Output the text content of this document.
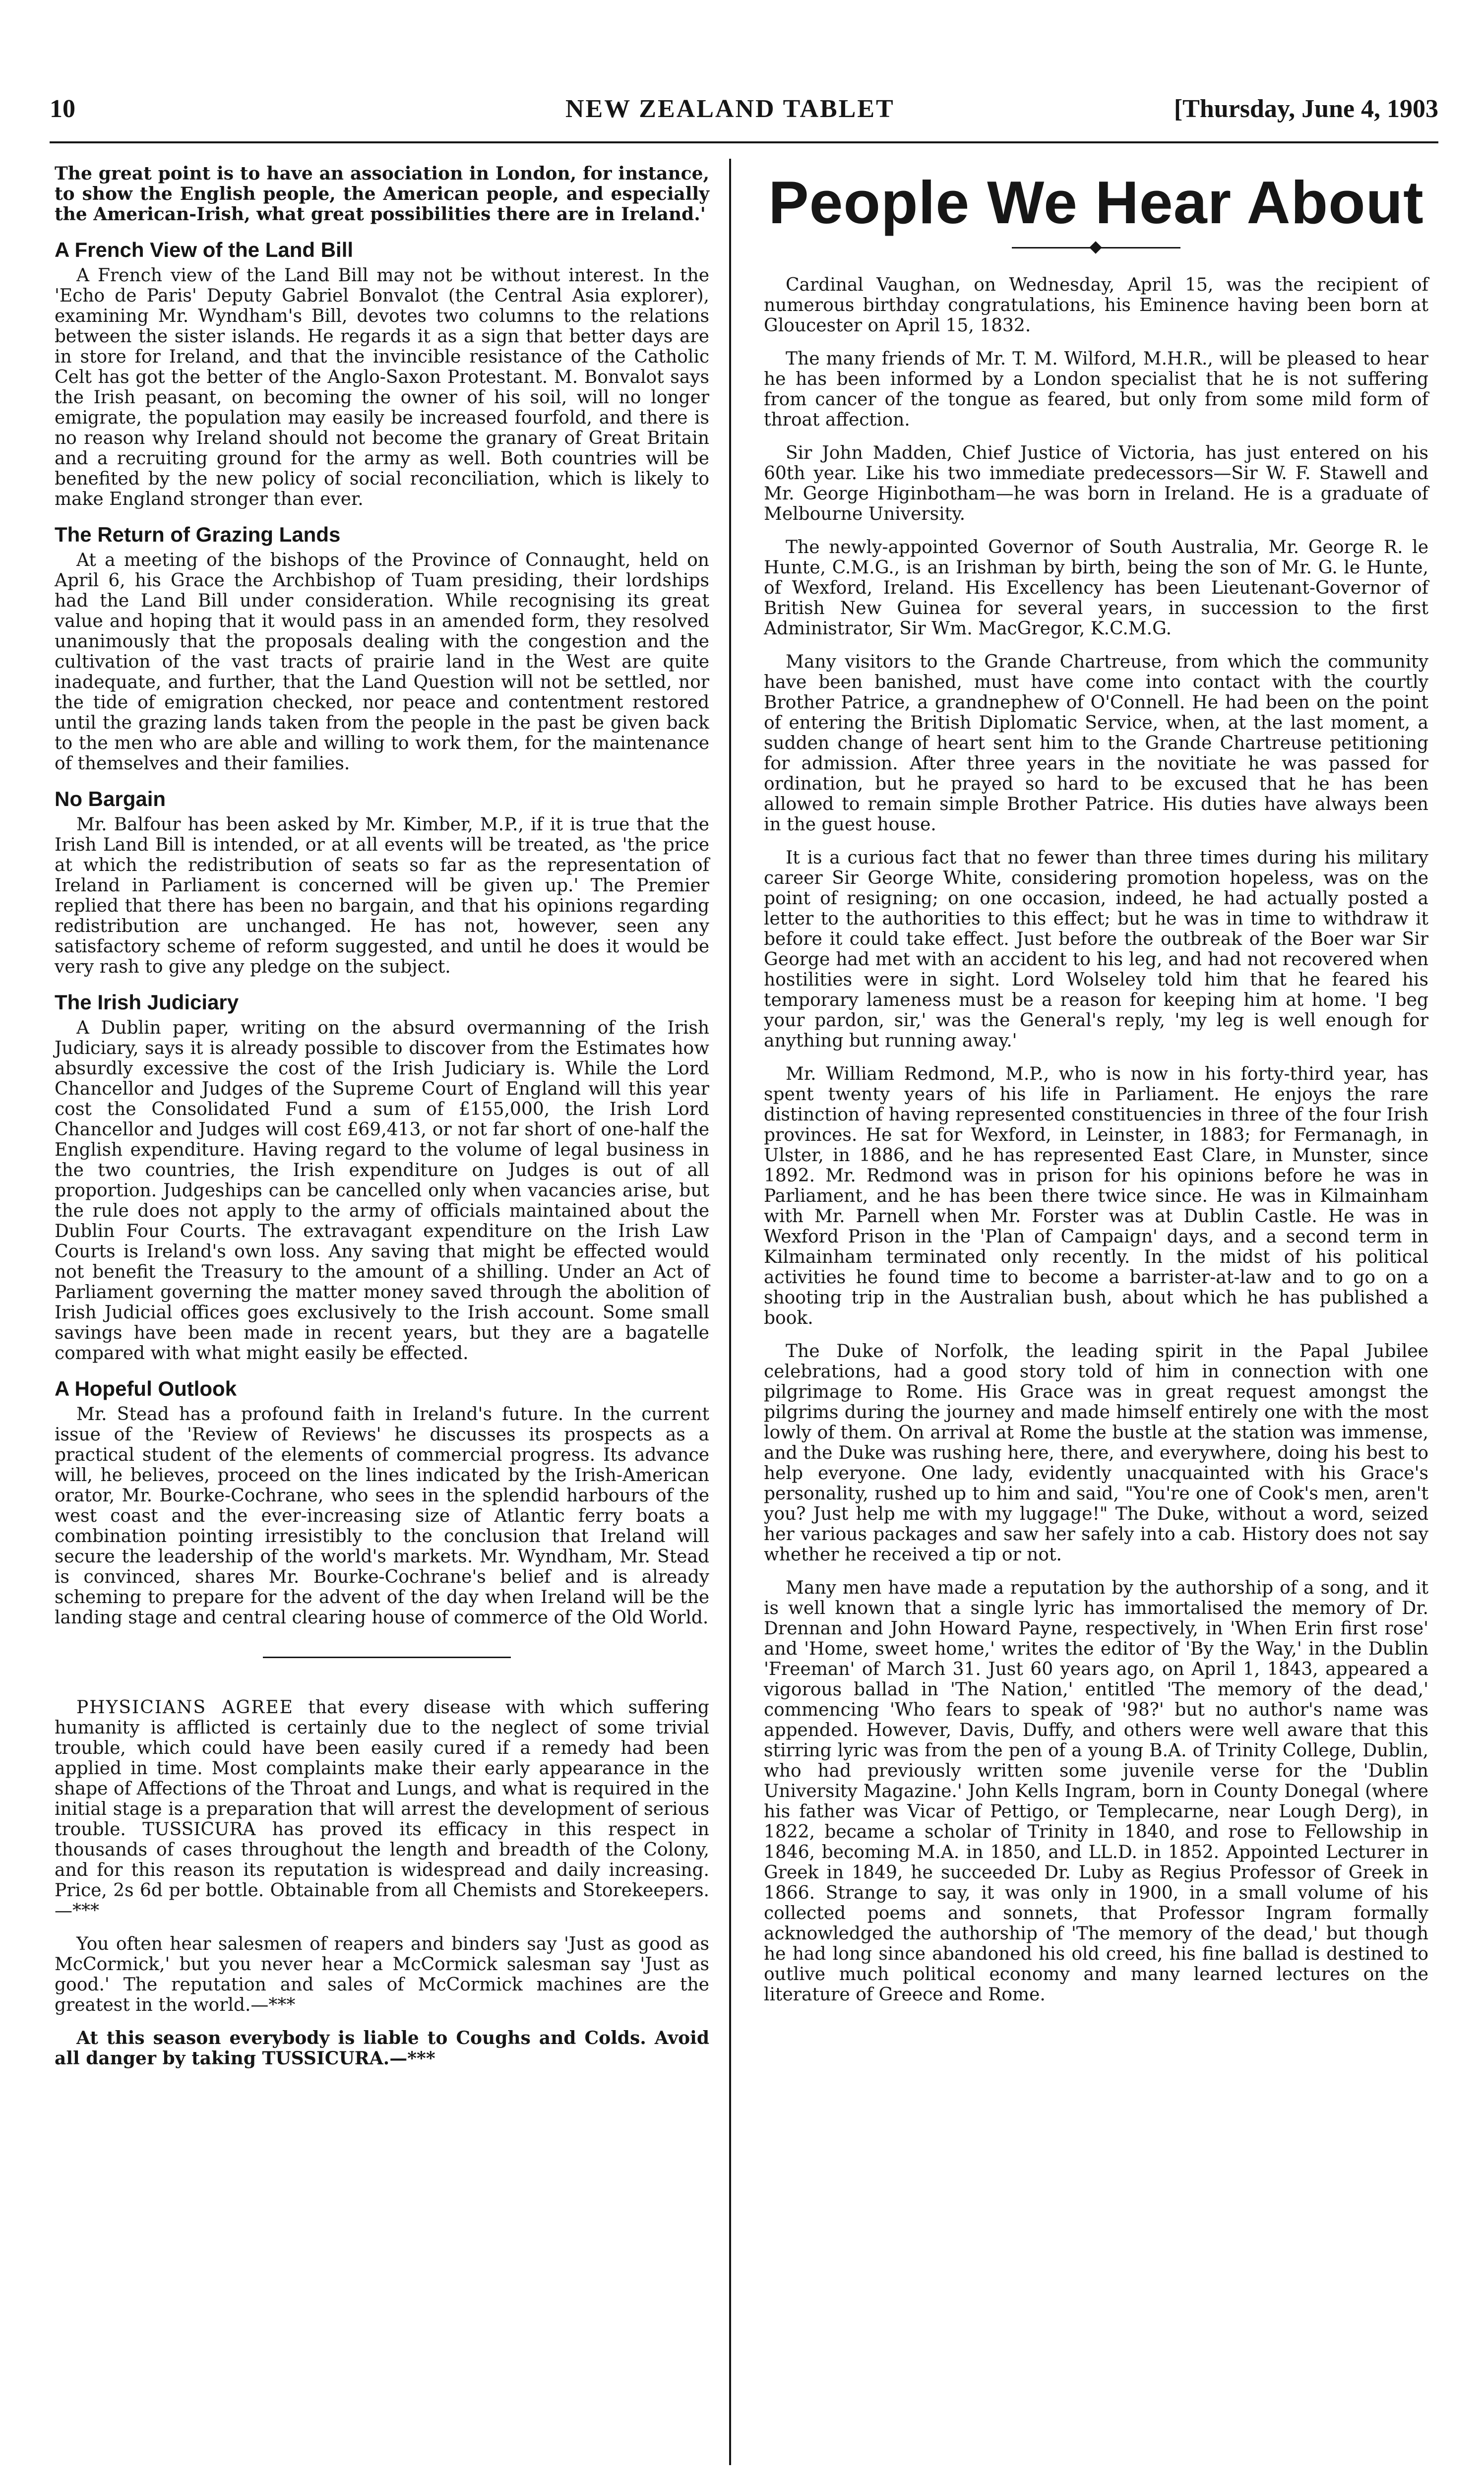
10	NEW ZEALAND TABLET	[Thursday, June 4, 1903

The great point is to have an association in London, for instance, to show the English people, the American people, and especially the American-Irish, what great possibilities there are in Ireland.'

A French View of the Land Bill

A French view of the Land Bill may not be without interest. In the 'Echo de Paris' Deputy Gabriel Bonvalot (the Central Asia explorer), examining Mr. Wyndham's Bill, devotes two columns to the relations between the sister islands. He regards it as a sign that better days are in store for Ireland, and that the invincible resistance of the Catholic Celt has got the better of the Anglo-Saxon Protestant. M. Bonvalot says the Irish peasant, on becoming the owner of his soil, will no longer emigrate, the population may easily be increased fourfold, and there is no reason why Ireland should not become the granary of Great Britain and a recruiting ground for the army as well. Both countries will be benefited by the new policy of social reconciliation, which is likely to make England stronger than ever.

The Return of Grazing Lands

At a meeting of the bishops of the Province of Connaught, held on April 6, his Grace the Archbishop of Tuam presiding, their lordships had the Land Bill under consideration. While recognising its great value and hoping that it would pass in an amended form, they resolved unanimously that the proposals dealing with the congestion and the cultivation of the vast tracts of prairie land in the West are quite inadequate, and further, that the Land Question will not be settled, nor the tide of emigration checked, nor peace and contentment restored until the grazing lands taken from the people in the past be given back to the men who are able and willing to work them, for the maintenance of themselves and their families.

No Bargain

Mr. Balfour has been asked by Mr. Kimber, M.P., if it is true that the Irish Land Bill is intended, or at all events will be treated, as 'the price at which the redistribution of seats so far as the representation of Ireland in Parliament is concerned will be given up.' The Premier replied that there has been no bargain, and that his opinions regarding redistribution are unchanged. He has not, however, seen any satisfactory scheme of reform suggested, and until he does it would be very rash to give any pledge on the subject.

The Irish Judiciary

A Dublin paper, writing on the absurd overmanning of the Irish Judiciary, says it is already possible to discover from the Estimates how absurdly excessive the cost of the Irish Judiciary is. While the Lord Chancellor and Judges of the Supreme Court of England will this year cost the Consolidated Fund a sum of £155,000, the Irish Lord Chancellor and Judges will cost £69,413, or not far short of one-half the English expenditure. Having regard to the volume of legal business in the two countries, the Irish expenditure on Judges is out of all proportion. Judgeships can be cancelled only when vacancies arise, but the rule does not apply to the army of officials maintained about the Dublin Four Courts. The extravagant expenditure on the Irish Law Courts is Ireland's own loss. Any saving that might be effected would not benefit the Treasury to the amount of a shilling. Under an Act of Parliament governing the matter money saved through the abolition of Irish Judicial offices goes exclusively to the Irish account. Some small savings have been made in recent years, but they are a bagatelle compared with what might easily be effected.

A Hopeful Outlook

Mr. Stead has a profound faith in Ireland's future. In the current issue of the 'Review of Reviews' he discusses its prospects as a practical student of the elements of commercial progress. Its advance will, he believes, proceed on the lines indicated by the Irish-American orator, Mr. Bourke-Cochrane, who sees in the splendid harbours of the west coast and the ever-increasing size of Atlantic ferry boats a combination pointing irresistibly to the conclusion that Ireland will secure the leadership of the world's markets. Mr. Wyndham, Mr. Stead is convinced, shares Mr. Bourke-Cochrane's belief and is already scheming to prepare for the advent of the day when Ireland will be the landing stage and central clearing house of commerce of the Old World.

PHYSICIANS AGREE that every disease with which suffering humanity is afflicted is certainly due to the neglect of some trivial trouble, which could have been easily cured if a remedy had been applied in time. Most complaints make their early appearance in the shape of Affections of the Throat and Lungs, and what is required in the initial stage is a preparation that will arrest the development of serious trouble. TUSSICURA has proved its efficacy in this respect in thousands of cases throughout the length and breadth of the Colony, and for this reason its reputation is widespread and daily increasing. Price, 2s 6d per bottle. Obtainable from all Chemists and Storekeepers.—***

You often hear salesmen of reapers and binders say 'Just as good as McCormick,' but you never hear a McCormick salesman say 'Just as good.' The reputation and sales of McCormick machines are the greatest in the world.—***

At this season everybody is liable to Coughs and Colds. Avoid all danger by taking TUSSICURA.—***

People We Hear About

Cardinal Vaughan, on Wednesday, April 15, was the recipient of numerous birthday congratulations, his Eminence having been born at Gloucester on April 15, 1832.

The many friends of Mr. T. M. Wilford, M.H.R., will be pleased to hear he has been informed by a London specialist that he is not suffering from cancer of the tongue as feared, but only from some mild form of throat affection.

Sir John Madden, Chief Justice of Victoria, has just entered on his 60th year. Like his two immediate predecessors—Sir W. F. Stawell and Mr. George Higinbotham—he was born in Ireland. He is a graduate of Melbourne University.

The newly-appointed Governor of South Australia, Mr. George R. le Hunte, C.M.G., is an Irishman by birth, being the son of Mr. G. le Hunte, of Wexford, Ireland. His Excellency has been Lieutenant-Governor of British New Guinea for several years, in succession to the first Administrator, Sir Wm. MacGregor, K.C.M.G.

Many visitors to the Grande Chartreuse, from which the community have been banished, must have come into contact with the courtly Brother Patrice, a grandnephew of O'Connell. He had been on the point of entering the British Diplomatic Service, when, at the last moment, a sudden change of heart sent him to the Grande Chartreuse petitioning for admission. After three years in the novitiate he was passed for ordination, but he prayed so hard to be excused that he has been allowed to remain simple Brother Patrice. His duties have always been in the guest house.

It is a curious fact that no fewer than three times during his military career Sir George White, considering promotion hopeless, was on the point of resigning; on one occasion, indeed, he had actually posted a letter to the authorities to this effect; but he was in time to withdraw it before it could take effect. Just before the outbreak of the Boer war Sir George had met with an accident to his leg, and had not recovered when hostilities were in sight. Lord Wolseley told him that he feared his temporary lameness must be a reason for keeping him at home. 'I beg your pardon, sir,' was the General's reply, 'my leg is well enough for anything but running away.'

Mr. William Redmond, M.P., who is now in his forty-third year, has spent twenty years of his life in Parliament. He enjoys the rare distinction of having represented constituencies in three of the four Irish provinces. He sat for Wexford, in Leinster, in 1883; for Fermanagh, in Ulster, in 1886, and he has represented East Clare, in Munster, since 1892. Mr. Redmond was in prison for his opinions before he was in Parliament, and he has been there twice since. He was in Kilmainham with Mr. Parnell when Mr. Forster was at Dublin Castle. He was in Wexford Prison in the 'Plan of Campaign' days, and a second term in Kilmainham terminated only recently. In the midst of his political activities he found time to become a barrister-at-law and to go on a shooting trip in the Australian bush, about which he has published a book.

The Duke of Norfolk, the leading spirit in the Papal Jubilee celebrations, had a good story told of him in connection with one pilgrimage to Rome. His Grace was in great request amongst the pilgrims during the journey and made himself entirely one with the most lowly of them. On arrival at Rome the bustle at the station was immense, and the Duke was rushing here, there, and everywhere, doing his best to help everyone. One lady, evidently unacquainted with his Grace's personality, rushed up to him and said, "You're one of Cook's men, aren't you? Just help me with my luggage!" The Duke, without a word, seized her various packages and saw her safely into a cab. History does not say whether he received a tip or not.

Many men have made a reputation by the authorship of a song, and it is well known that a single lyric has immortalised the memory of Dr. Drennan and John Howard Payne, respectively, in 'When Erin first rose' and 'Home, sweet home,' writes the editor of 'By the Way,' in the Dublin 'Freeman' of March 31. Just 60 years ago, on April 1, 1843, appeared a vigorous ballad in 'The Nation,' entitled 'The memory of the dead,' commencing 'Who fears to speak of '98?' but no author's name was appended. However, Davis, Duffy, and others were well aware that this stirring lyric was from the pen of a young B.A. of Trinity College, Dublin, who had previously written some juvenile verse for the 'Dublin University Magazine.' John Kells Ingram, born in County Donegal (where his father was Vicar of Pettigo, or Templecarne, near Lough Derg), in 1822, became a scholar of Trinity in 1840, and rose to Fellowship in 1846, becoming M.A. in 1850, and LL.D. in 1852. Appointed Lecturer in Greek in 1849, he succeeded Dr. Luby as Regius Professor of Greek in 1866. Strange to say, it was only in 1900, in a small volume of his collected poems and sonnets, that Professor Ingram formally acknowledged the authorship of 'The memory of the dead,' but though he had long since abandoned his old creed, his fine ballad is destined to outlive much political economy and many learned lectures on the literature of Greece and Rome.
